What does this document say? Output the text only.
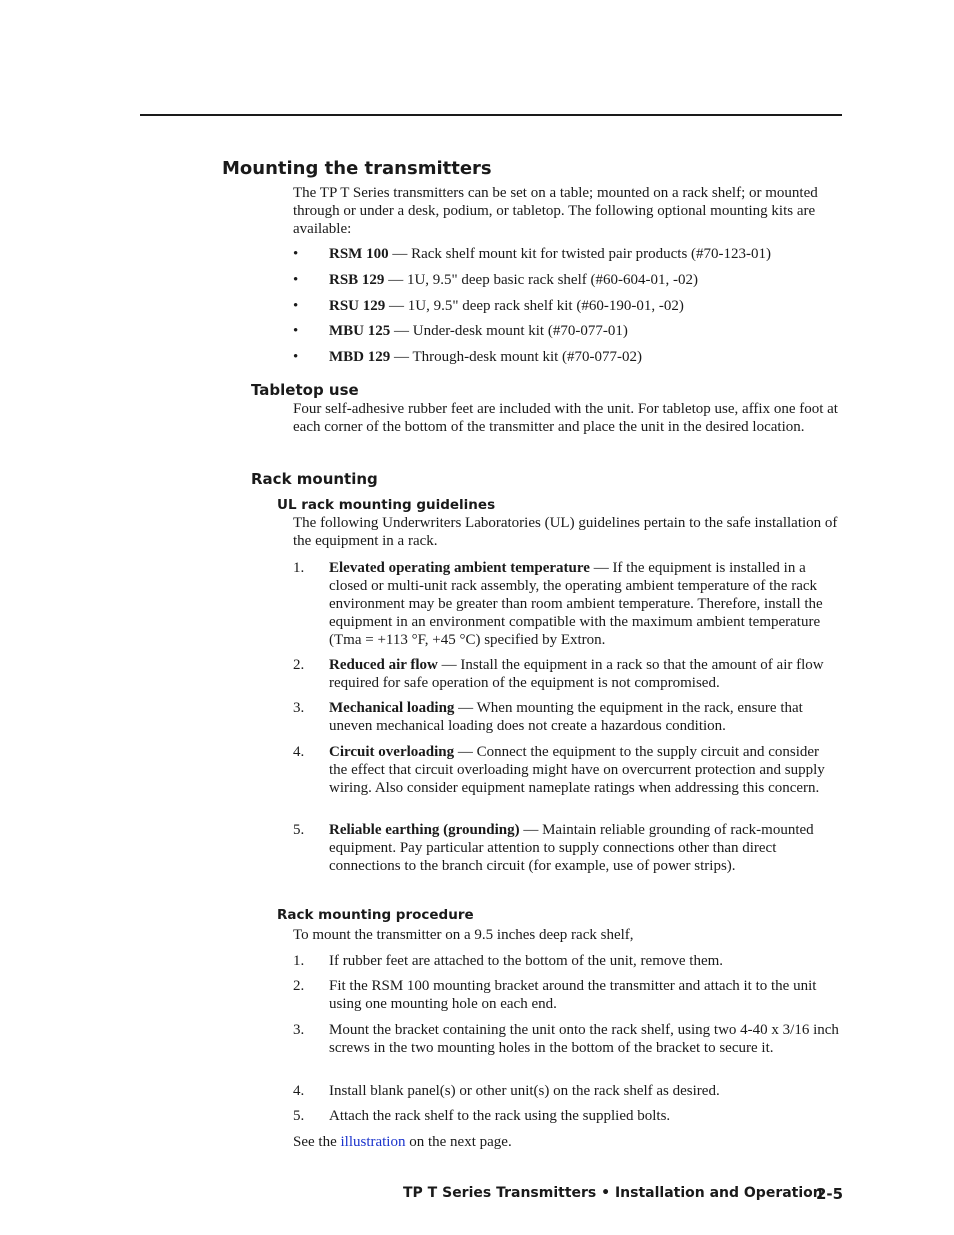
Mounting the transmitters

The TP T Series transmitters can be set on a table; mounted on a rack shelf; or mounted through or under a desk, podium, or tabletop. The following optional mounting kits are available:

• RSM 100 — Rack shelf mount kit for twisted pair products (#70-123-01)
• RSB 129 — 1U, 9.5" deep basic rack shelf (#60-604-01, -02)
• RSU 129 — 1U, 9.5" deep rack shelf kit (#60-190-01, -02)
• MBU 125 — Under-desk mount kit (#70-077-01)
• MBD 129 — Through-desk mount kit (#70-077-02)
Tabletop use

Four self-adhesive rubber feet are included with the unit. For tabletop use, affix one foot at each corner of the bottom of the transmitter and place the unit in the desired location.

Rack mounting
UL rack mounting guidelines

The following Underwriters Laboratories (UL) guidelines pertain to the safe installation of the equipment in a rack.

1. Elevated operating ambient temperature — If the equipment is installed in a closed or multi-unit rack assembly, the operating ambient temperature of the rack environment may be greater than room ambient temperature. Therefore, install the equipment in an environment compatible with the maximum ambient temperature (Tma = +113 °F, +45 °C) specified by Extron.
2. Reduced air flow — Install the equipment in a rack so that the amount of air flow required for safe operation of the equipment is not compromised.
3. Mechanical loading — When mounting the equipment in the rack, ensure that uneven mechanical loading does not create a hazardous condition.
4. Circuit overloading — Connect the equipment to the supply circuit and consider the effect that circuit overloading might have on overcurrent protection and supply wiring. Also consider equipment nameplate ratings when addressing this concern.
5. Reliable earthing (grounding) — Maintain reliable grounding of rack-mounted equipment. Pay particular attention to supply connections other than direct connections to the branch circuit (for example, use of power strips).
Rack mounting procedure

To mount the transmitter on a 9.5 inches deep rack shelf,

1. If rubber feet are attached to the bottom of the unit, remove them.
2. Fit the RSM 100 mounting bracket around the transmitter and attach it to the unit using one mounting hole on each end.
3. Mount the bracket containing the unit onto the rack shelf, using two 4-40 x 3/16 inch screws in the two mounting holes in the bottom of the bracket to secure it.
4. Install blank panel(s) or other unit(s) on the rack shelf as desired.
5. Attach the rack shelf to the rack using the supplied bolts.

See the illustration on the next page.

TP T Series Transmitters • Installation and Operation
2-5
